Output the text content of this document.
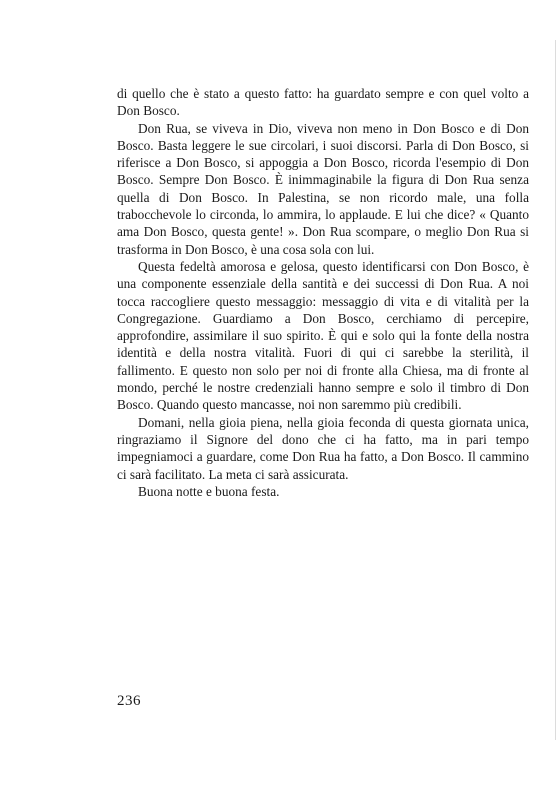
di quello che è stato a questo fatto: ha guardato sempre e con quel volto a Don Bosco.

Don Rua, se viveva in Dio, viveva non meno in Don Bosco e di Don Bosco. Basta leggere le sue circolari, i suoi discorsi. Parla di Don Bosco, si riferisce a Don Bosco, si appoggia a Don Bosco, ricorda l'esempio di Don Bosco. Sempre Don Bosco. È inimmaginabile la figura di Don Rua senza quella di Don Bosco. In Palestina, se non ricordo male, una folla trabocchevole lo circonda, lo ammira, lo applaude. E lui che dice? « Quanto ama Don Bosco, questa gente! ». Don Rua scompare, o meglio Don Rua si trasforma in Don Bosco, è una cosa sola con lui.

Questa fedeltà amorosa e gelosa, questo identificarsi con Don Bosco, è una componente essenziale della santità e dei successi di Don Rua. A noi tocca raccogliere questo messaggio: messaggio di vita e di vitalità per la Congregazione. Guardiamo a Don Bosco, cerchiamo di percepire, approfondire, assimilare il suo spirito. È qui e solo qui la fonte della nostra identità e della nostra vitalità. Fuori di qui ci sarebbe la sterilità, il fallimento. E questo non solo per noi di fronte alla Chiesa, ma di fronte al mondo, perché le nostre credenziali hanno sempre e solo il timbro di Don Bosco. Quando questo mancasse, noi non saremmo più credibili.

Domani, nella gioia piena, nella gioia feconda di questa giornata unica, ringraziamo il Signore del dono che ci ha fatto, ma in pari tempo impegniamoci a guardare, come Don Rua ha fatto, a Don Bosco. Il cammino ci sarà facilitato. La meta ci sarà assicurata.

Buona notte e buona festa.

236
